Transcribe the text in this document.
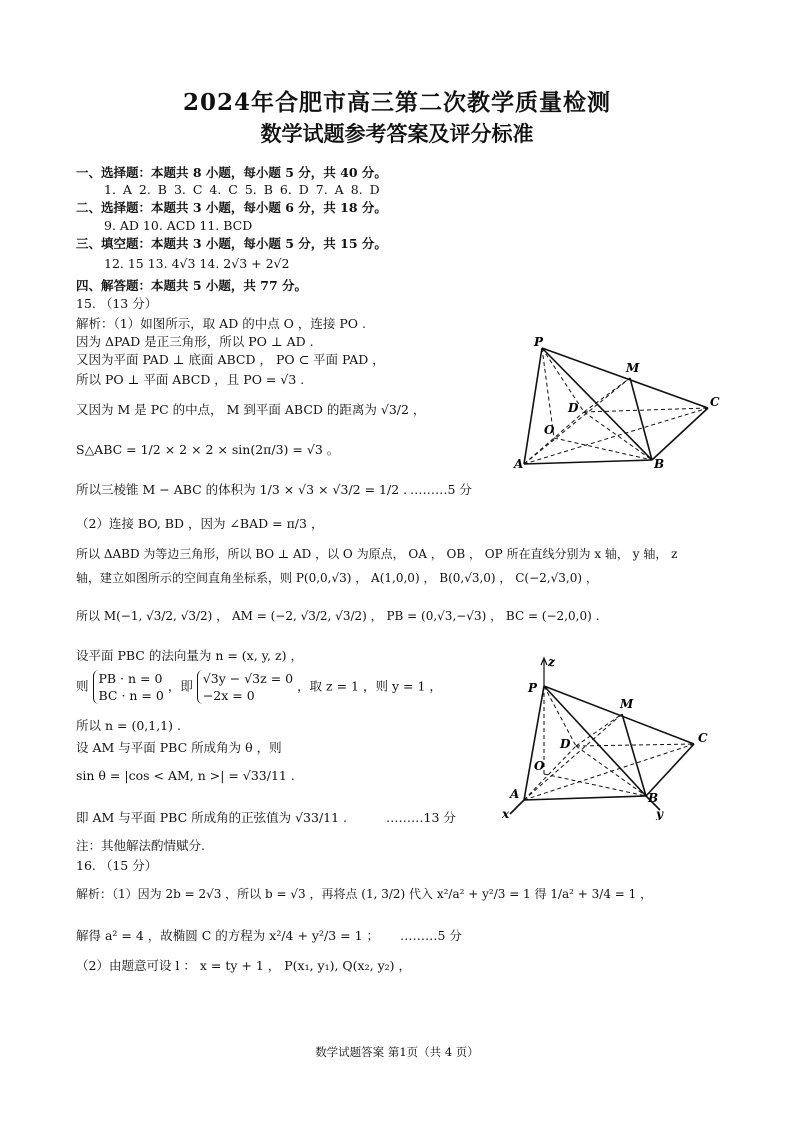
2024年合肥市高三第二次教学质量检测
数学试题参考答案及评分标准
一、选择题：本题共 8 小题，每小题 5 分，共 40 分。
1. A 2. B 3. C 4. C 5. B 6. D 7. A 8. D
二、选择题：本题共 3 小题，每小题 6 分，共 18 分。
9. AD 10. ACD 11. BCD
三、填空题：本题共 3 小题，每小题 5 分，共 15 分。
12. 15 13. 4√3 14. 2√3 + 2√2
四、解答题：本题共 5 小题，共 77 分。
15. （13 分）
解析：（1）如图所示，取 AD 的中点 O ，连接 PO .
因为 ΔPAD 是正三角形，所以 PO ⊥ AD .
又因为平面 PAD ⊥ 底面 ABCD ， PO ⊂ 平面 PAD ，
所以 PO ⊥ 平面 ABCD ，且 PO = √3 .
又因为 M 是 PC 的中点， M 到平面 ABCD 的距离为 √3/2 ，
S△ABC = 1/2 × 2 × 2 × sin(2π/3) = √3 。
所以三棱锥 M − ABC 的体积为 1/3 × √3 × √3/2 = 1/2 . ………5 分
（2）连接 BO, BD ，因为 ∠BAD = π/3 ，
所以 ΔABD 为等边三角形，所以 BO ⊥ AD ，以 O 为原点， OA ， OB ， OP 所在直线分别为 x 轴， y 轴， z
轴，建立如图所示的空间直角坐标系，则 P(0,0,√3) ， A(1,0,0) ， B(0,√3,0) ， C(−2,√3,0) ，
所以 M(−1, √3/2, √3/2) ， AM = (−2, √3/2, √3/2) ， PB = (0,√3,−√3) ， BC = (−2,0,0) .
设平面 PBC 的法向量为 n = (x, y, z) ，
则 PB · n = 0
BC · n = 0
，即 √3y − √3z = 0
−2x = 0
，取 z = 1 ，则 y = 1 ，
所以 n = (0,1,1) .
设 AM 与平面 PBC 所成角为 θ ，则
sin θ = |cos < AM, n >| = √33/11 .
即 AM 与平面 PBC 所成角的正弦值为 √33/11 .	………13 分
注：其他解法酌情赋分.
16. （15 分）
解析：（1）因为 2b = 2√3 ，所以 b = √3 ，再将点 (1, 3/2) 代入 x²/a² + y²/3 = 1 得 1/a² + 3/4 = 1 ，
解得 a² = 4 ，故椭圆 C 的方程为 x²/4 + y²/3 = 1 ； ………5 分
（2）由题意可设 l ： x = ty + 1 ， P(x₁, y₁), Q(x₂, y₂) ，
P
M
D	C
O
A	B
z
P
M
D	C
O
A	B
x	y
数学试题答案 第1页（共 4 页）
